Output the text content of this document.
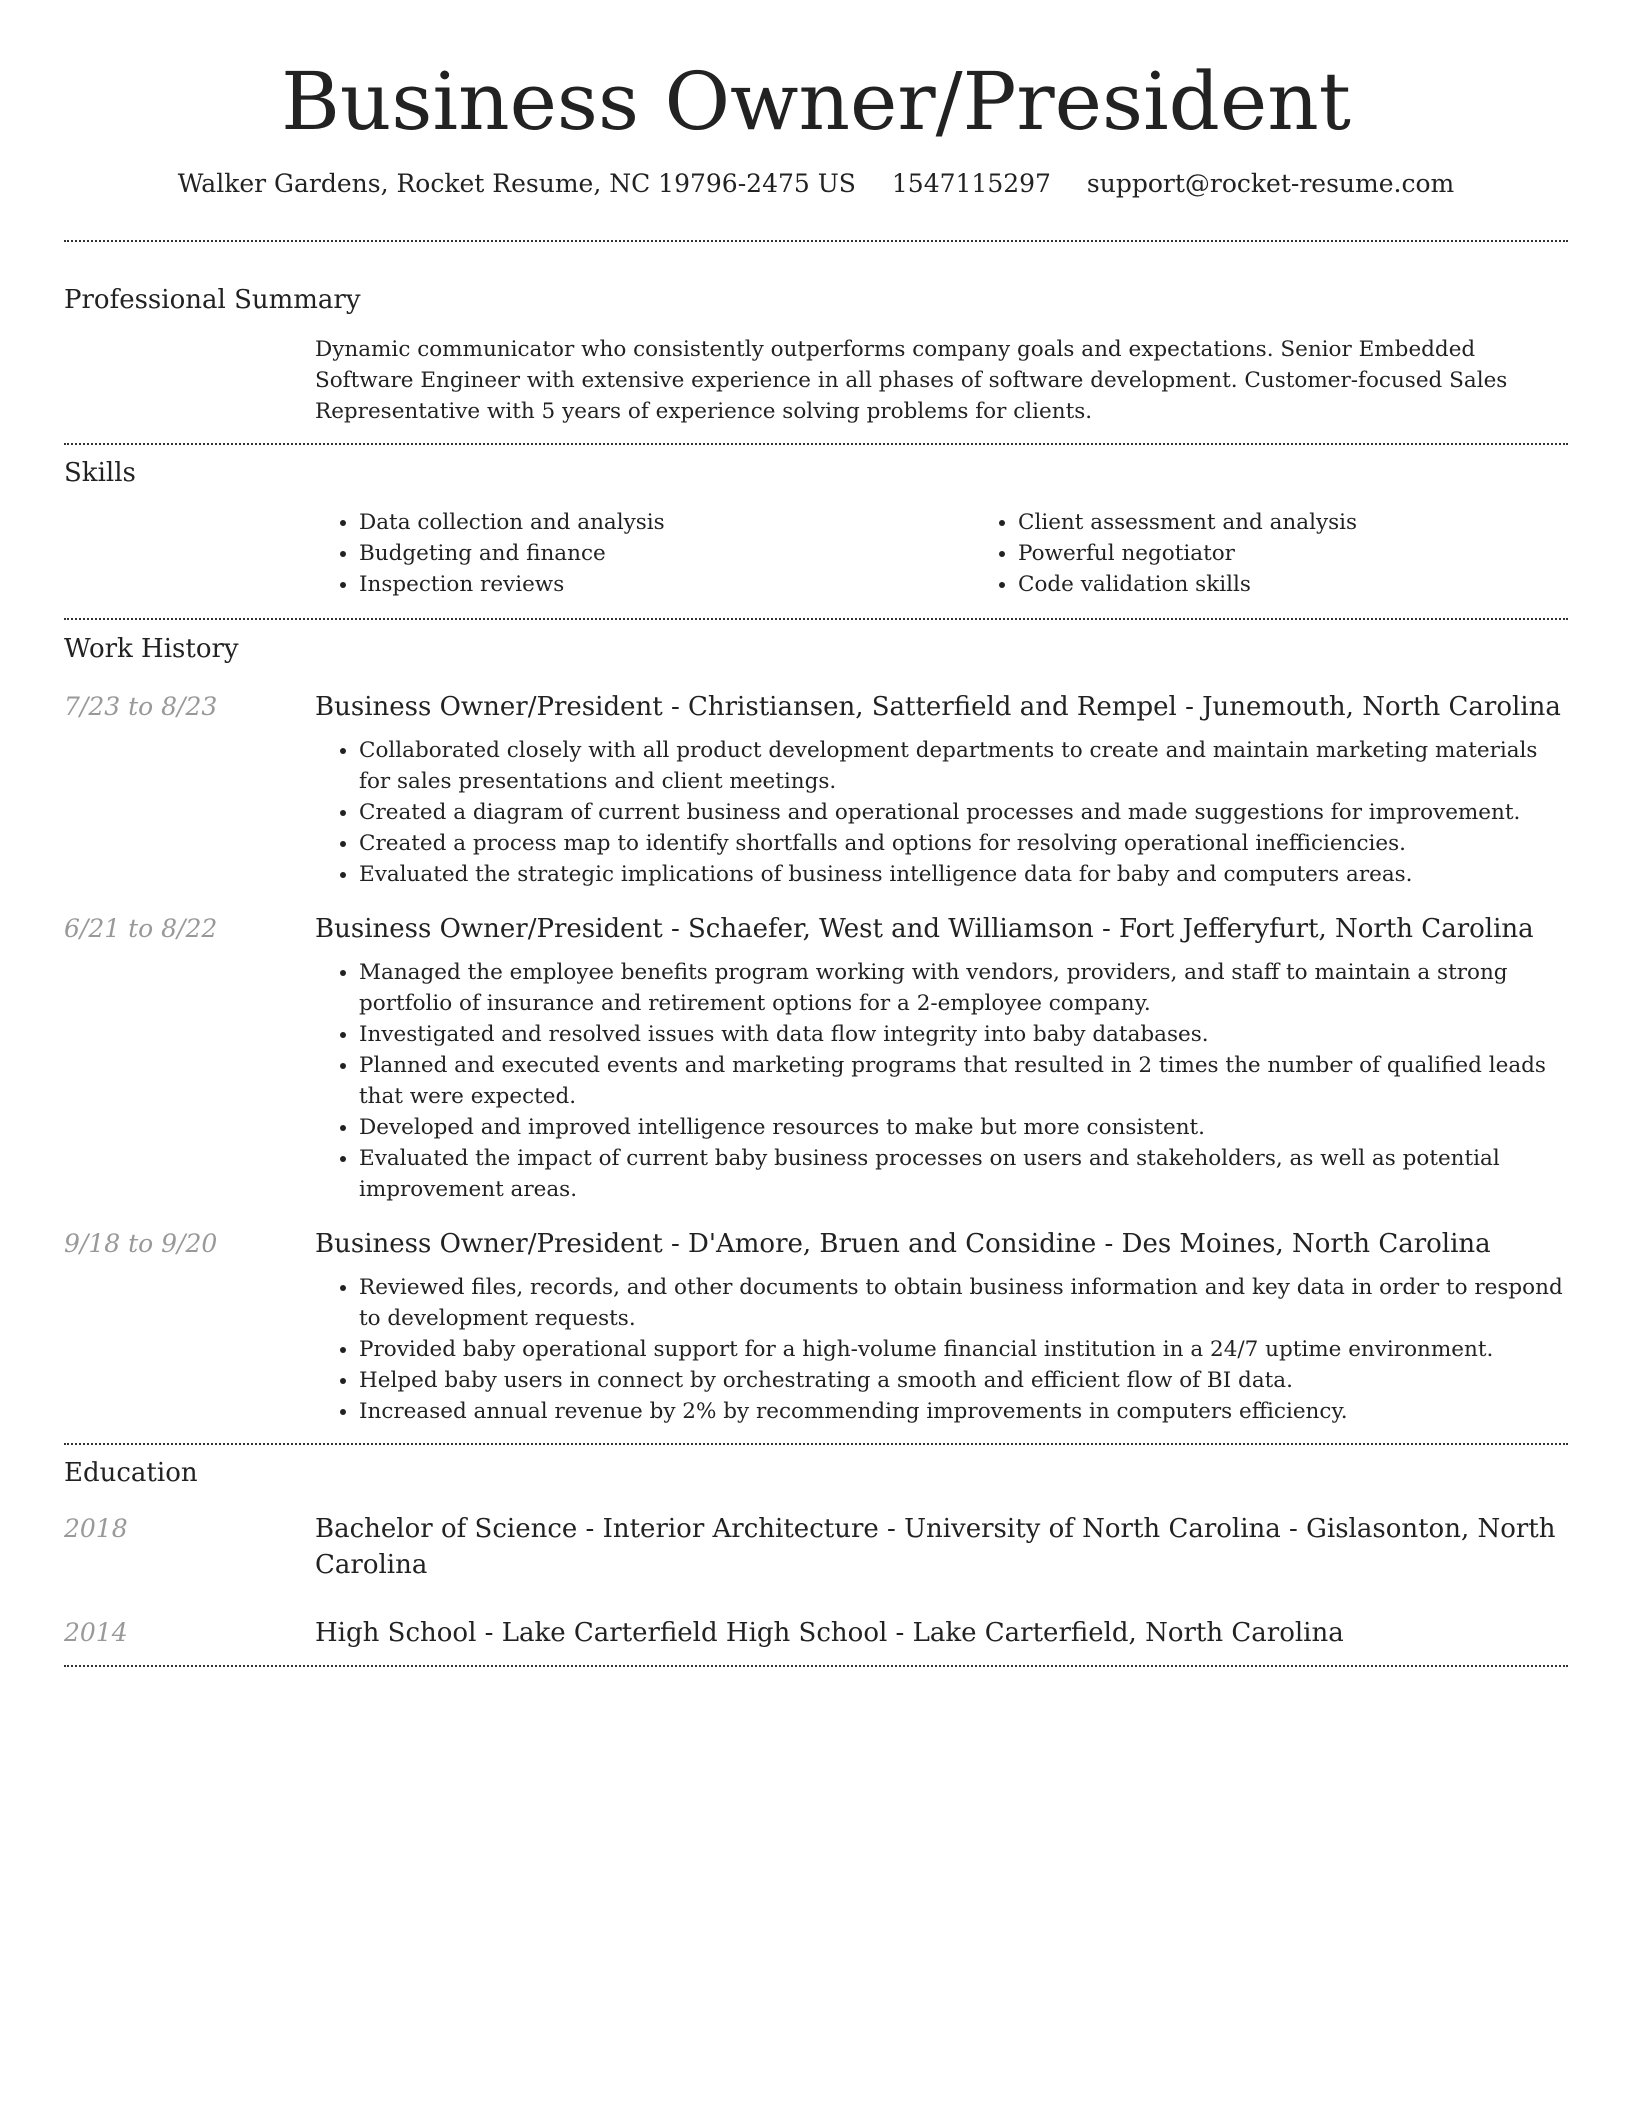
Business Owner/President
Walker Gardens, Rocket Resume, NC 19796-2475 US 1547115297 support@rocket-resume.com
Professional Summary

Dynamic communicator who consistently outperforms company goals and expectations. Senior Embedded Software Engineer with extensive experience in all phases of software development. Customer-focused Sales Representative with 5 years of experience solving problems for clients.

Skills
• Data collection and analysis
• Budgeting and finance
• Inspection reviews
• Client assessment and analysis
• Powerful negotiator
• Code validation skills
Work History
7/23 to 8/23	Business Owner/President - Christiansen, Satterfield and Rempel - Junemouth, North Carolina
• Collaborated closely with all product development departments to create and maintain marketing materials for sales presentations and client meetings.
• Created a diagram of current business and operational processes and made suggestions for improvement.
• Created a process map to identify shortfalls and options for resolving operational inefficiencies.
• Evaluated the strategic implications of business intelligence data for baby and computers areas.
6/21 to 8/22	Business Owner/President - Schaefer, West and Williamson - Fort Jefferyfurt, North Carolina
• Managed the employee benefits program working with vendors, providers, and staff to maintain a strong portfolio of insurance and retirement options for a 2-employee company.
• Investigated and resolved issues with data flow integrity into baby databases.
• Planned and executed events and marketing programs that resulted in 2 times the number of qualified leads that were expected.
• Developed and improved intelligence resources to make but more consistent.
• Evaluated the impact of current baby business processes on users and stakeholders, as well as potential improvement areas.
9/18 to 9/20	Business Owner/President - D'Amore, Bruen and Considine - Des Moines, North Carolina
• Reviewed files, records, and other documents to obtain business information and key data in order to respond to development requests.
• Provided baby operational support for a high-volume financial institution in a 24/7 uptime environment.
• Helped baby users in connect by orchestrating a smooth and efficient flow of BI data.
• Increased annual revenue by 2% by recommending improvements in computers efficiency.
Education
2018	Bachelor of Science - Interior Architecture - University of North Carolina - Gislasonton, North Carolina
2014	High School - Lake Carterfield High School - Lake Carterfield, North Carolina
